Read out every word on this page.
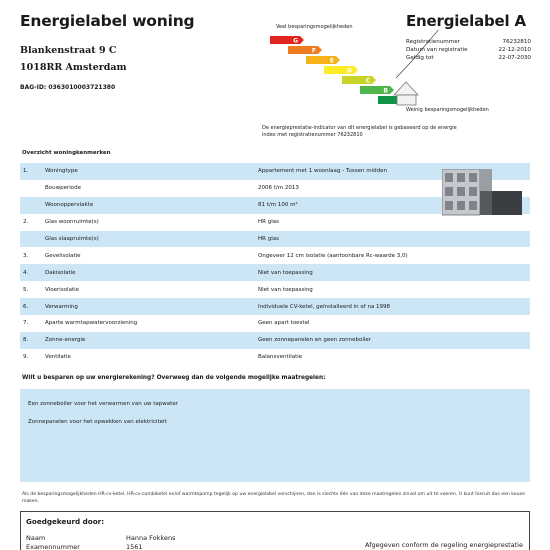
Energielabel woning
Blankenstraat 9 C
1018RR Amsterdam
BAG-ID: 0363010003721380
Veel besparingsmogelijkheden
G
F
E
D
C
B
Weinig besparingsmogelijkheden
De energieprestatie-indicator van dit energielabel is gebaseerd op de energie index met registratienummer 76232810
Energielabel A
Registratienummer	76232810
Datum van registratie	22-12-2010
Geldig tot	22-07-2030
Overzicht woningkenmerken
1.	Woningtype	Appartement met 1 woonlaag - Tussen midden
Bouwperiode	2006 t/m 2013
Woonoppervlakte	81 t/m 100 m²
2.	Glas woonruimte(s)	HR glas
Glas slaapruimte(s)	HR glas
3.	Gevelisolatie	Ongeveer 12 cm isolatie (aantoonbare Rc-waarde 3,0)
4.	Dakisolatie	Niet van toepassing
5.	Vloerisolatie	Niet van toepassing
6.	Verwarming	Individuele CV-ketel, geïnstalleerd in of na 1998
7.	Aparte warmtapwatervoorziening	Geen apart toestel
8.	Zonne-energie	Geen zonnepanelen en geen zonneboiler
9.	Ventilatie	Balansventilatie
Wilt u besparen op uw energierekening? Overweeg dan de volgende mogelijke maatregelen:
Een zonneboiler voor het verwarmen van uw tapwater
Zonnepanelen voor het opwekken van elektriciteit
Als de besparingsmogelijkheden HR-cv-ketel, HR-cv-combiketel en/of warmtepomp tegelijk op uw energielabel verschijnen, dan is slechts één van deze maatregelen zinvol om uit te voeren. U kunt hieruit dus een keuze maken.
Goedgekeurd door:
Naam	Hanna Fokkens
Examennummer	1561	Afgegeven conform de regeling energieprestatie
